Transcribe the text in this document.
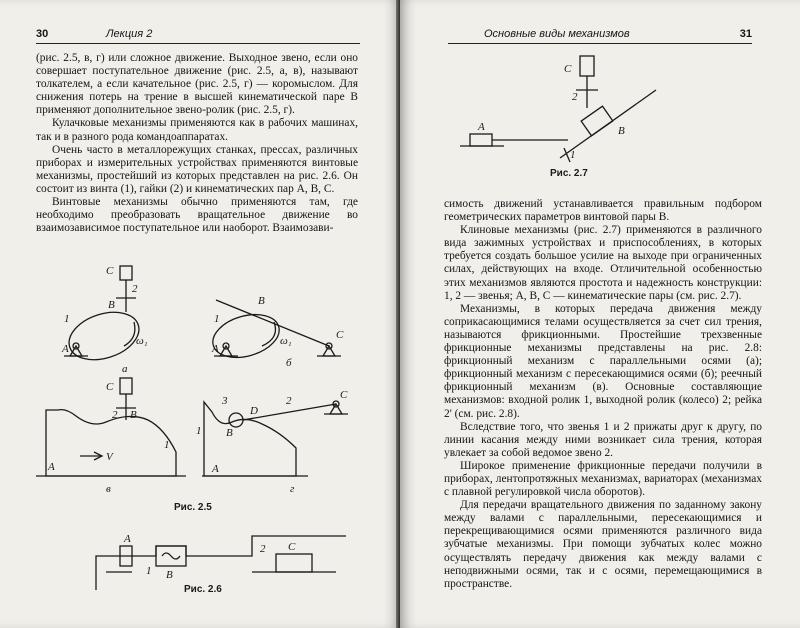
30	Лекция 2

(рис. 2.5, в, г) или сложное движение. Выходное звено, если оно совершает поступательное движение (рис. 2.5, а, в), называют толкателем, а если качательное (рис. 2.5, г) — коромыслом. Для снижения потерь на трение в высшей кинематической паре B применяют дополнительное звено-ролик (рис. 2.5, г).

Кулачковые механизмы применяются как в рабочих машинах, так и в разного рода командоаппаратах.

Очень часто в металлорежущих станках, прессах, различных приборах и измерительных устройствах применяются винтовые механизмы, простейший из которых представлен на рис. 2.6. Он состоит из винта (1), гайки (2) и кинематических пар A, B, C.

Винтовые механизмы обычно применяются там, где необходимо преобразовать вращательное движение во взаимозависимое поступательное или наоборот. Взаимозави-

C
2
B
1
A
ω₁
а
B
C
1
A
ω₁
б
C
2 B
1
V
A
в
3
D
2	C
B
1
A
г
Рис. 2.5
A
1 B
2 C
Рис. 2.6
Основные виды механизмов	31
C
2
B
A
1
Рис. 2.7

симость движений устанавливается правильным подбором геометрических параметров винтовой пары B.

Клиновые механизмы (рис. 2.7) применяются в различного вида зажимных устройствах и приспособлениях, в которых требуется создать большое усилие на выходе при ограниченных силах, действующих на входе. Отличительной особенностью этих механизмов являются простота и надежность конструкции: 1, 2 — звенья; A, B, C — кинематические пары (см. рис. 2.7).

Механизмы, в которых передача движения между соприкасающимися телами осуществляется за счет сил трения, называются фрикционными. Простейшие трехзвенные фрикционные механизмы представлены на рис. 2.8: фрикционный механизм с параллельными осями (а); фрикционный механизм с пересекающимися осями (б); реечный фрикционный механизм (в). Основные составляющие механизмов: входной ролик 1, выходной ролик (колесо) 2; рейка 2' (см. рис. 2.8).

Вследствие того, что звенья 1 и 2 прижаты друг к другу, по линии касания между ними возникает сила трения, которая увлекает за собой ведомое звено 2.

Широкое применение фрикционные передачи получили в приборах, лентопротяжных механизмах, вариаторах (механизмах с плавной регулировкой числа оборотов).

Для передачи вращательного движения по заданному закону между валами с параллельными, пересекающимися и перекрещивающимися осями применяются различного вида зубчатые механизмы. При помощи зубчатых колес можно осуществлять передачу движения как между валами с неподвижными осями, так и с осями, перемещающимися в пространстве.
